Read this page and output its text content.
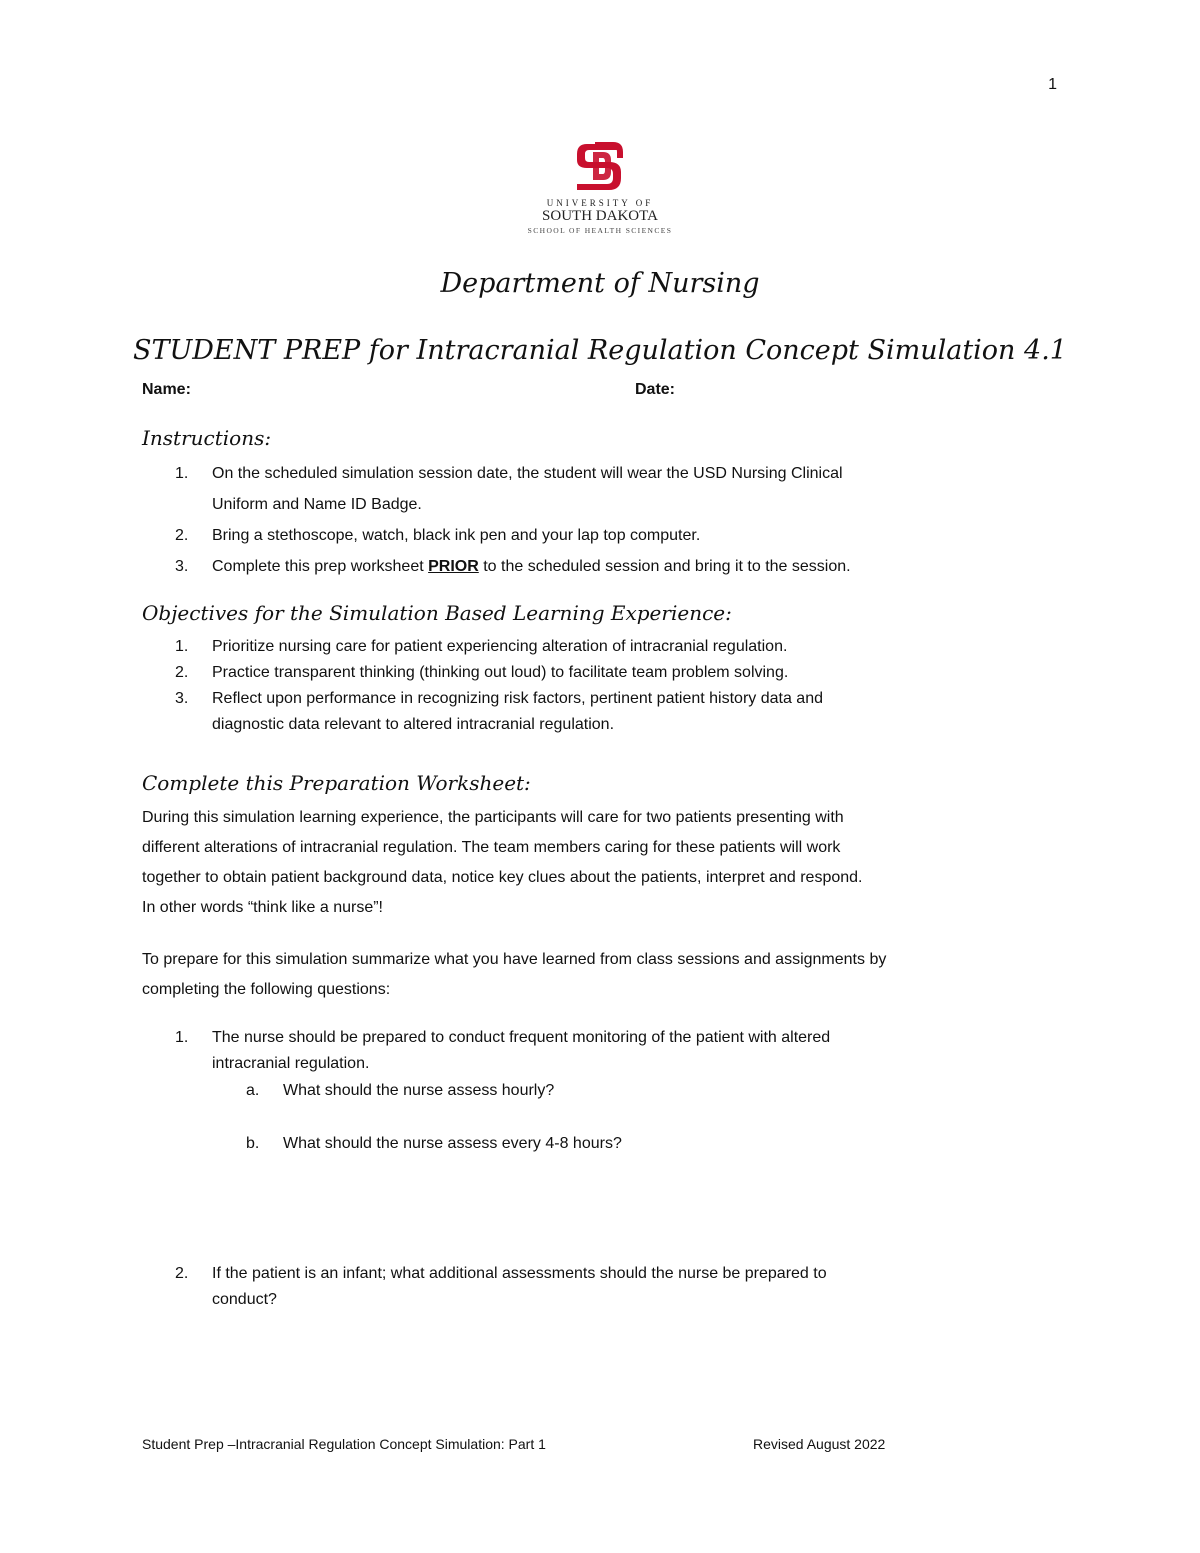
1
UNIVERSITY OF
SOUTH DAKOTA
SCHOOL OF HEALTH SCIENCES
Department of Nursing
STUDENT PREP for Intracranial Regulation Concept Simulation 4.1
Name:	Date:
Instructions:
1. On the scheduled simulation session date, the student will wear the USD Nursing Clinical
Uniform and Name ID Badge.
2. Bring a stethoscope, watch, black ink pen and your lap top computer.
3. Complete this prep worksheet PRIOR to the scheduled session and bring it to the session.
Objectives for the Simulation Based Learning Experience:
1. Prioritize nursing care for patient experiencing alteration of intracranial regulation.
2. Practice transparent thinking (thinking out loud) to facilitate team problem solving.
3. Reflect upon performance in recognizing risk factors, pertinent patient history data and
diagnostic data relevant to altered intracranial regulation.
Complete this Preparation Worksheet:
During this simulation learning experience, the participants will care for two patients presenting with
different alterations of intracranial regulation. The team members caring for these patients will work
together to obtain patient background data, notice key clues about the patients, interpret and respond.
In other words “think like a nurse”!
To prepare for this simulation summarize what you have learned from class sessions and assignments by
completing the following questions:
1. The nurse should be prepared to conduct frequent monitoring of the patient with altered
intracranial regulation.
a. What should the nurse assess hourly?
b. What should the nurse assess every 4-8 hours?
2. If the patient is an infant; what additional assessments should the nurse be prepared to
conduct?
Student Prep –Intracranial Regulation Concept Simulation: Part 1	Revised August 2022
